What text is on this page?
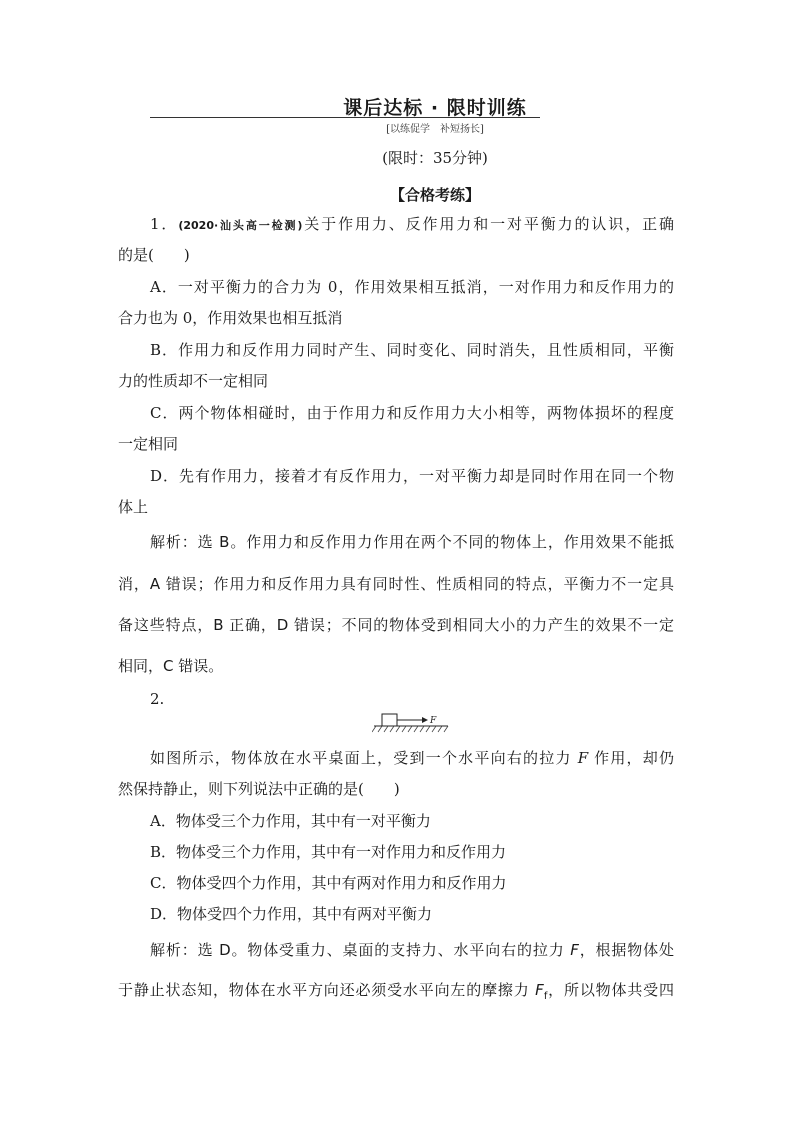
课后达标 · 限时训练
[以练促学　补短扬长]
(限时：35分钟)
【合格考练】
1．(2020·汕头高一检测)关于作用力、反作用力和一对平衡力的认识，正确
的是(　　)
A．一对平衡力的合力为 0，作用效果相互抵消，一对作用力和反作用力的
合力也为 0，作用效果也相互抵消
B．作用力和反作用力同时产生、同时变化、同时消失，且性质相同，平衡
力的性质却不一定相同
C．两个物体相碰时，由于作用力和反作用力大小相等，两物体损坏的程度
一定相同
D．先有作用力，接着才有反作用力，一对平衡力却是同时作用在同一个物
体上
解析：选 B。作用力和反作用力作用在两个不同的物体上，作用效果不能抵
消，A 错误；作用力和反作用力具有同时性、性质相同的特点，平衡力不一定具
备这些特点，B 正确，D 错误；不同的物体受到相同大小的力产生的效果不一定
相同，C 错误。
2.
F
如图所示，物体放在水平桌面上，受到一个水平向右的拉力 F 作用，却仍
然保持静止，则下列说法中正确的是(　　)
A．物体受三个力作用，其中有一对平衡力
B．物体受三个力作用，其中有一对作用力和反作用力
C．物体受四个力作用，其中有两对作用力和反作用力
D．物体受四个力作用，其中有两对平衡力
解析：选 D。物体受重力、桌面的支持力、水平向右的拉力 F，根据物体处
于静止状态知，物体在水平方向还必须受水平向左的摩擦力 $F_f$，所以物体共受四
